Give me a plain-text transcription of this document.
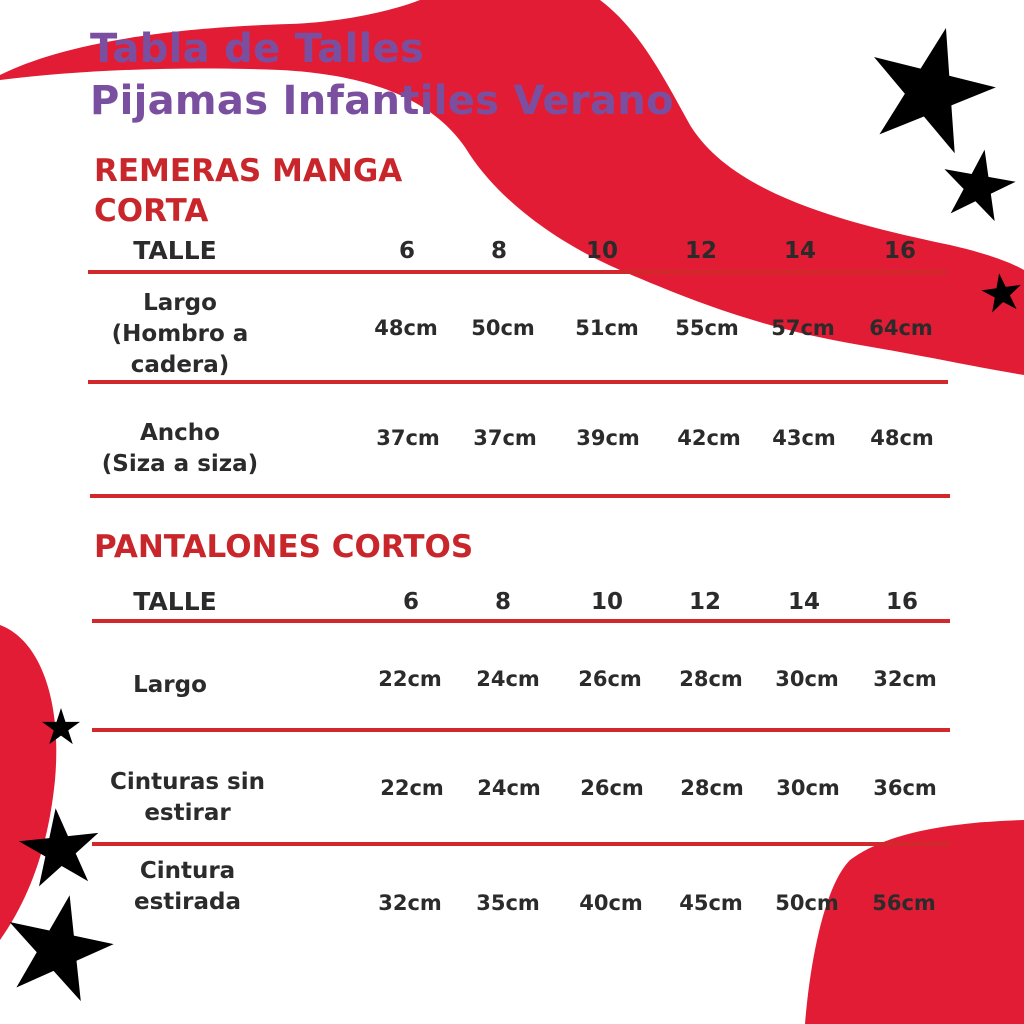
Tabla de Talles
Pijamas Infantiles Verano
REMERAS MANGA
CORTA
TALLE	6	8	10	12	14	16
Largo
(Hombro a
cadera)
48cm	50cm	51cm	55cm	57cm	64cm
Ancho
(Siza a siza)
37cm	37cm	39cm	42cm	43cm	48cm
PANTALONES CORTOS
TALLE	6	8	10	12	14	16
Largo	22cm	24cm	26cm	28cm	30cm	32cm
Cinturas sin
estirar
22cm	24cm	26cm	28cm	30cm	36cm
Cintura
estirada	32cm	35cm	40cm	45cm	50cm	56cm
